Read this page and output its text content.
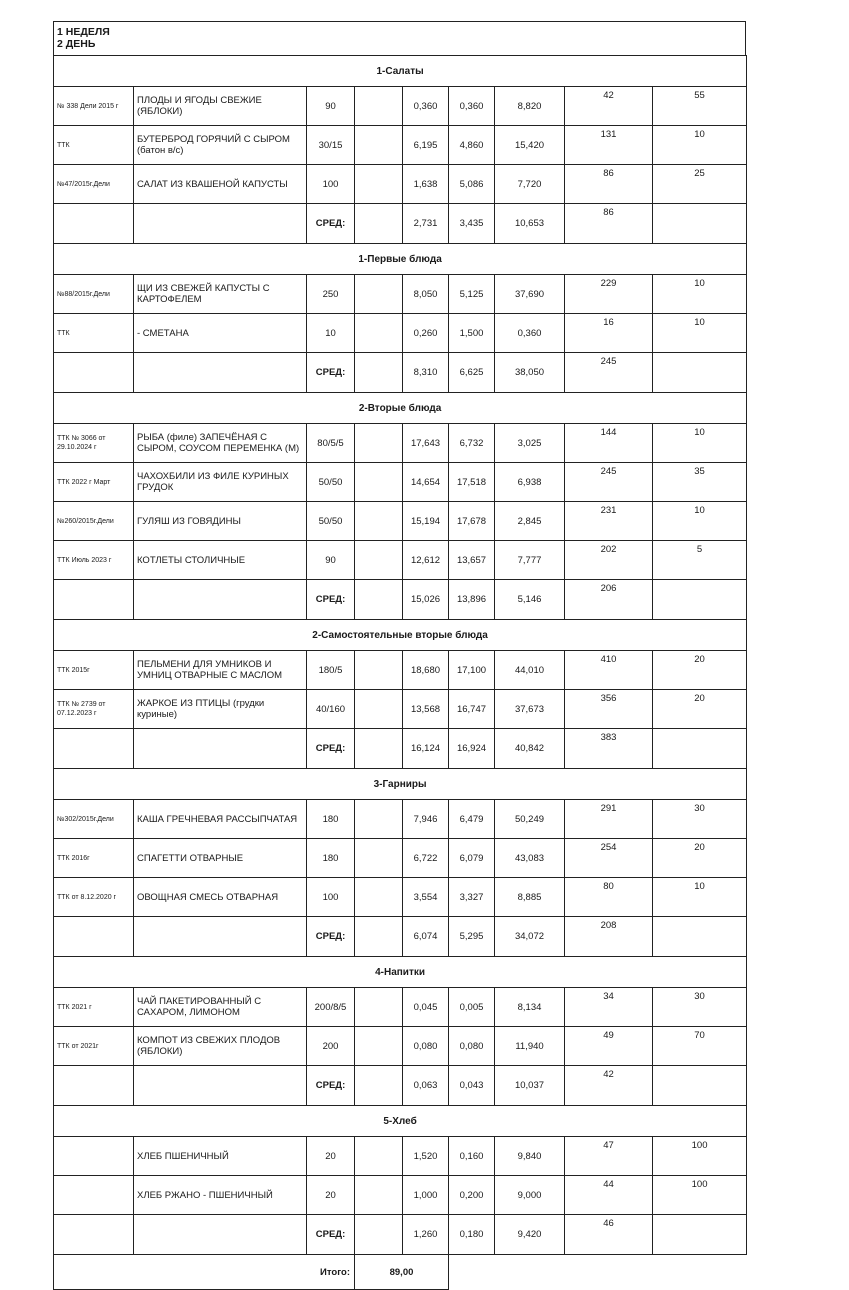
1 НЕДЕЛЯ
2 ДЕНЬ
1-Салаты								
№ 338 Дели 2015 г	ПЛОДЫ И ЯГОДЫ СВЕЖИЕ (ЯБЛОКИ)	90		0,360	0,360	8,820	42	55
ТТК	БУТЕРБРОД ГОРЯЧИЙ С СЫРОМ (батон в/с)	30/15		6,195	4,860	15,420	131	10
№47/2015г.Дели	САЛАТ ИЗ КВАШЕНОЙ КАПУСТЫ	100		1,638	5,086	7,720	86	25
		СРЕД:		2,731	3,435	10,653	86	
1-Первые блюда								
№88/2015г.Дели	ЩИ ИЗ СВЕЖЕЙ КАПУСТЫ С КАРТОФЕЛЕМ	250		8,050	5,125	37,690	229	10
ТТК	- СМЕТАНА	10		0,260	1,500	0,360	16	10
		СРЕД:		8,310	6,625	38,050	245	
2-Вторые блюда								
ТТК № 3066 от 29.10.2024 г	РЫБА (филе) ЗАПЕЧЁНАЯ С СЫРОМ, СОУСОМ ПЕРЕМЕНКА (М)	80/5/5		17,643	6,732	3,025	144	10
ТТК 2022 г Март	ЧАХОХБИЛИ ИЗ ФИЛЕ КУРИНЫХ ГРУДОК	50/50		14,654	17,518	6,938	245	35
№260/2015г.Дели	ГУЛЯШ ИЗ ГОВЯДИНЫ	50/50		15,194	17,678	2,845	231	10
ТТК Июль 2023 г	КОТЛЕТЫ СТОЛИЧНЫЕ	90		12,612	13,657	7,777	202	5
		СРЕД:		15,026	13,896	5,146	206	
2-Самостоятельные вторые блюда								
ТТК 2015г	ПЕЛЬМЕНИ ДЛЯ УМНИКОВ И УМНИЦ ОТВАРНЫЕ С МАСЛОМ	180/5		18,680	17,100	44,010	410	20
ТТК № 2739 от 07.12.2023 г	ЖАРКОЕ ИЗ ПТИЦЫ (грудки куриные)	40/160		13,568	16,747	37,673	356	20
		СРЕД:		16,124	16,924	40,842	383	
3-Гарниры								
№302/2015г.Дели	КАША ГРЕЧНЕВАЯ РАССЫПЧАТАЯ	180		7,946	6,479	50,249	291	30
ТТК 2016г	СПАГЕТТИ ОТВАРНЫЕ	180		6,722	6,079	43,083	254	20
ТТК от 8.12.2020 г	ОВОЩНАЯ СМЕСЬ ОТВАРНАЯ	100		3,554	3,327	8,885	80	10
		СРЕД:		6,074	5,295	34,072	208	
4-Напитки								
ТТК 2021 г	ЧАЙ ПАКЕТИРОВАННЫЙ С САХАРОМ, ЛИМОНОМ	200/8/5		0,045	0,005	8,134	34	30
ТТК от 2021г	КОМПОТ ИЗ СВЕЖИХ ПЛОДОВ (ЯБЛОКИ)	200		0,080	0,080	11,940	49	70
		СРЕД:		0,063	0,043	10,037	42	
5-Хлеб								
	ХЛЕБ ПШЕНИЧНЫЙ	20		1,520	0,160	9,840	47	100
	ХЛЕБ РЖАНО - ПШЕНИЧНЫЙ	20		1,000	0,200	9,000	44	100
		СРЕД:		1,260	0,180	9,420	46	
Итого:			89,00					
